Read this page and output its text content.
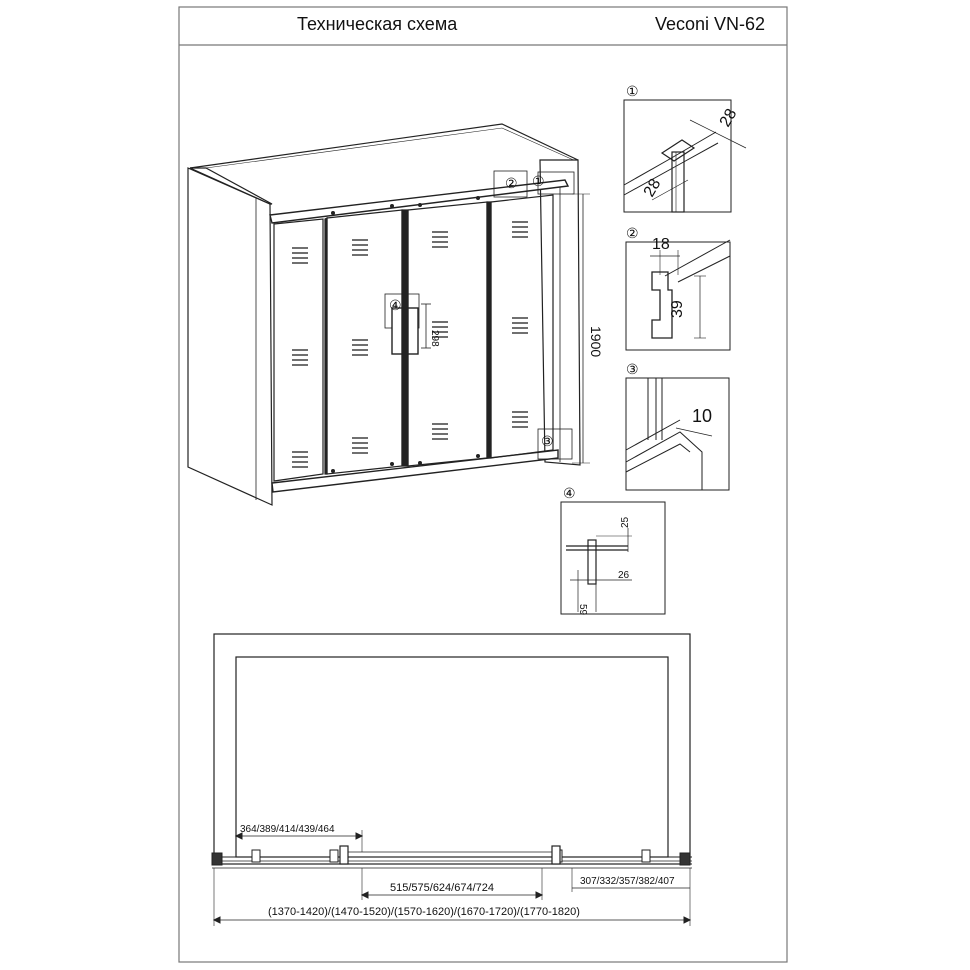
1900
298
② ①
③
④
①
28
28
②
18
39
③
10
④
25
26
59
364/389/414/439/464
515/575/624/674/724
307/332/357/382/407
(1370-1420)/(1470-1520)/(1570-1620)/(1670-1720)/(1770-1820)
Техническая схема	Veconi VN-62
